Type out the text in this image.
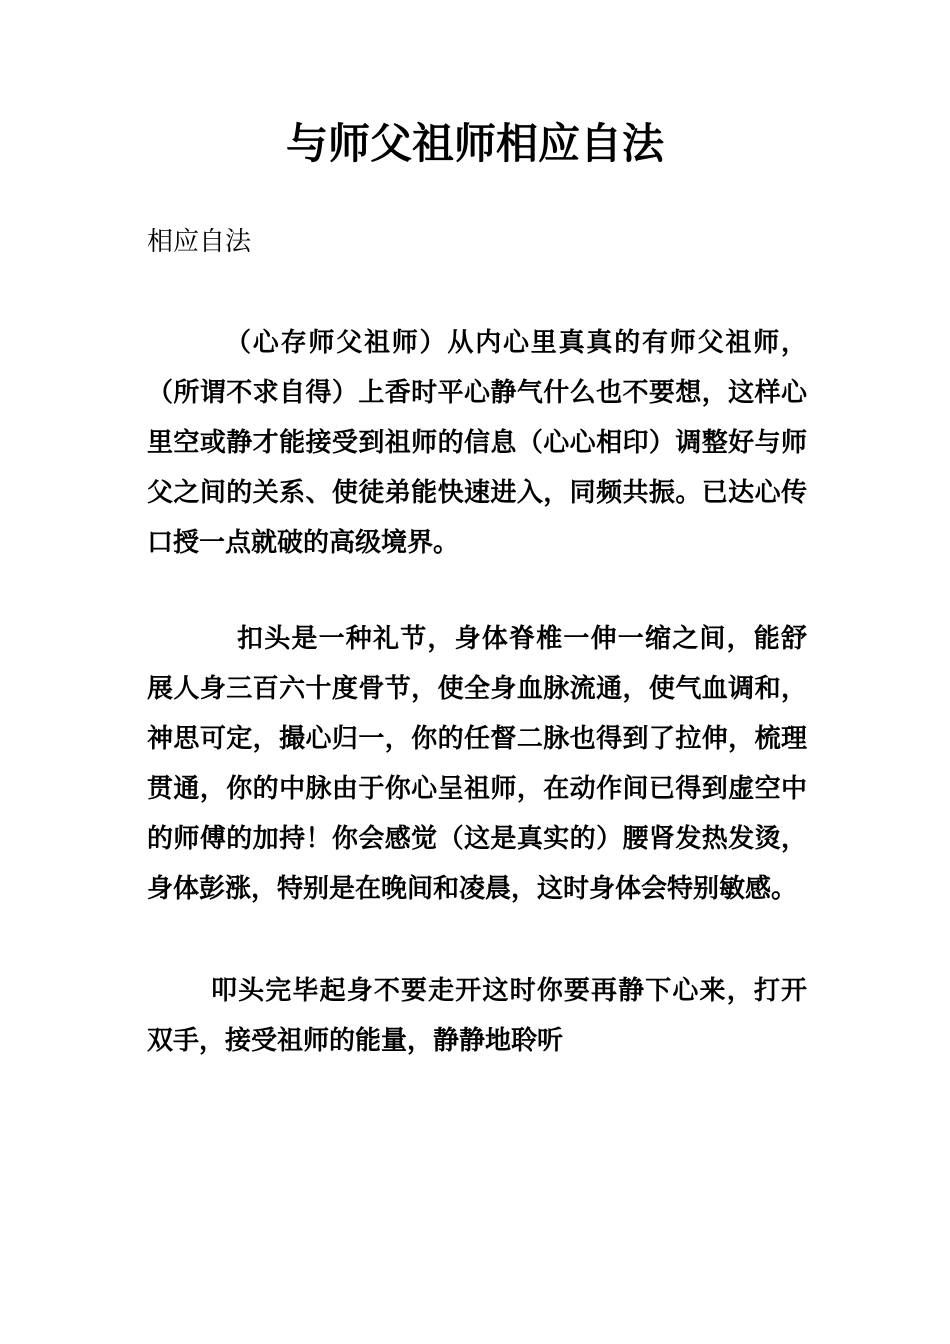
与师父祖师相应自法

相应自法

（心存师父祖师）从内心里真真的有师父祖师，（所谓不求自得）上香时平心静气什么也不要想，这样心里空或静才能接受到祖师的信息（心心相印）调整好与师父之间的关系、使徒弟能快速进入，同频共振。已达心传口授一点就破的高级境界。

扣头是一种礼节，身体脊椎一伸一缩之间，能舒展人身三百六十度骨节，使全身血脉流通，使气血调和，神思可定，撮心归一，你的任督二脉也得到了拉伸，梳理贯通，你的中脉由于你心呈祖师，在动作间已得到虚空中的师傅的加持！你会感觉（这是真实的）腰肾发热发烫，身体彭涨，特别是在晚间和凌晨，这时身体会特别敏感。

叩头完毕起身不要走开这时你要再静下心来，打开双手，接受祖师的能量，静静地聆听
